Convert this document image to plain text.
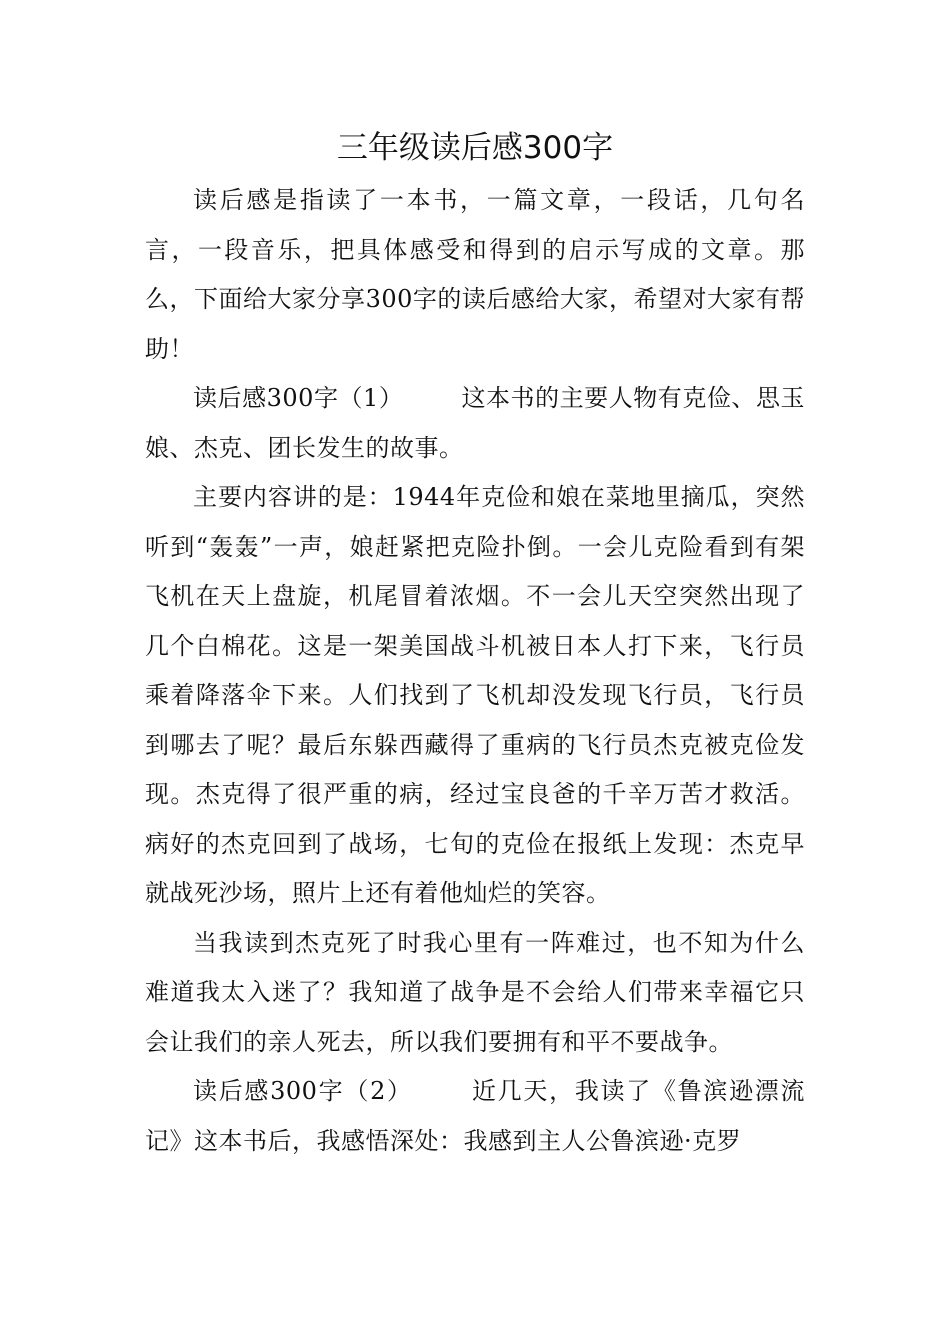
三年级读后感300字

读后感是指读了一本书，一篇文章，一段话，几句名言，一段音乐，把具体感受和得到的启示写成的文章。那么，下面给大家分享300字的读后感给大家，希望对大家有帮助！

读后感300字（1） 这本书的主要人物有克俭、思玉娘、杰克、团长发生的故事。

主要内容讲的是：1944年克俭和娘在菜地里摘瓜，突然听到“轰轰”一声，娘赶紧把克险扑倒。一会儿克险看到有架飞机在天上盘旋，机尾冒着浓烟。不一会儿天空突然出现了几个白棉花。这是一架美国战斗机被日本人打下来，飞行员乘着降落伞下来。人们找到了飞机却没发现飞行员，飞行员到哪去了呢？最后东躲西藏得了重病的飞行员杰克被克俭发现。杰克得了很严重的病，经过宝良爸的千辛万苦才救活。病好的杰克回到了战场，七旬的克俭在报纸上发现：杰克早就战死沙场，照片上还有着他灿烂的笑容。

当我读到杰克死了时我心里有一阵难过，也不知为什么难道我太入迷了？我知道了战争是不会给人们带来幸福它只会让我们的亲人死去，所以我们要拥有和平不要战争。

读后感300字（2） 近几天，我读了《鲁滨逊漂流记》这本书后，我感悟深处：我感到主人公鲁滨逊·克罗
